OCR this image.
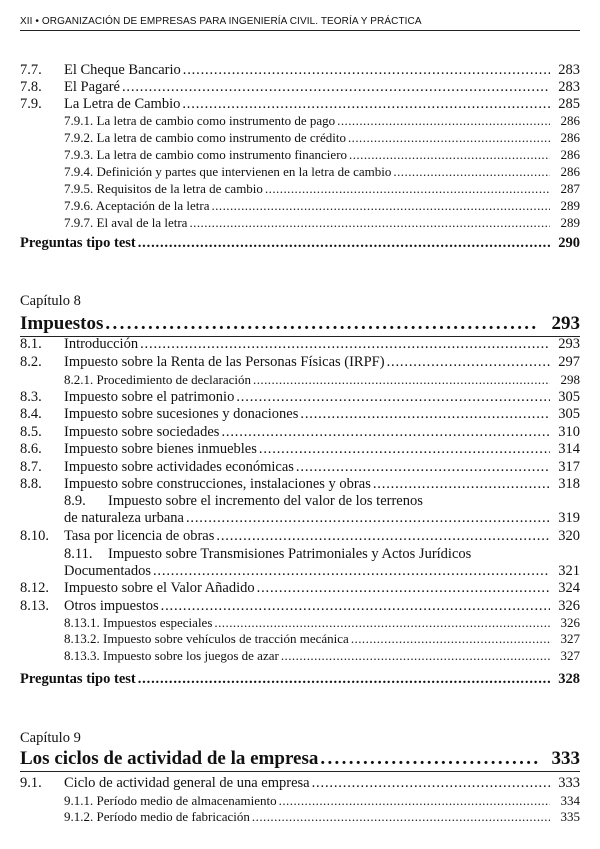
XII • ORGANIZACIÓN DE EMPRESAS PARA INGENIERÍA CIVIL. TEORÍA Y PRÁCTICA
7.7. El Cheque Bancario . . .	283
7.8. El Pagaré . . .	283
7.9. La Letra de Cambio . . .	285
7.9.1. La letra de cambio como instrumento de pago . . .	286
7.9.2. La letra de cambio como instrumento de crédito . . .	286
7.9.3. La letra de cambio como instrumento financiero . . .	286
7.9.4. Definición y partes que intervienen en la letra de cambio . . .	286
7.9.5. Requisitos de la letra de cambio . . .	287
7.9.6. Aceptación de la letra . . .	289
7.9.7. El aval de la letra . . .	289
Preguntas tipo test . . .	290
Capítulo 8
Impuestos . . .	293
8.1. Introducción . . .	293
8.2. Impuesto sobre la Renta de las Personas Físicas (IRPF) . . .	297
8.2.1. Procedimiento de declaración . . .	298
8.3. Impuesto sobre el patrimonio . . .	305
8.4. Impuesto sobre sucesiones y donaciones . . .	305
8.5. Impuesto sobre sociedades . . .	310
8.6. Impuesto sobre bienes inmuebles . . .	314
8.7. Impuesto sobre actividades económicas . . .	317
8.8. Impuesto sobre construcciones, instalaciones y obras . . .	318
8.9. Impuesto sobre el incremento del valor de los terrenos
de naturaleza urbana . . .	319
8.10. Tasa por licencia de obras . . .	320
8.11. Impuesto sobre Transmisiones Patrimoniales y Actos Jurídicos
Documentados . . .	321
8.12. Impuesto sobre el Valor Añadido . . .	324
8.13. Otros impuestos . . .	326
8.13.1. Impuestos especiales . . .	326
8.13.2. Impuesto sobre vehículos de tracción mecánica . . .	327
8.13.3. Impuesto sobre los juegos de azar . . .	327
Preguntas tipo test . . .	328
Capítulo 9
Los ciclos de actividad de la empresa . . .	333
9.1. Ciclo de actividad general de una empresa . . .	333
9.1.1. Período medio de almacenamiento . . .	334
9.1.2. Período medio de fabricación . . .	335
